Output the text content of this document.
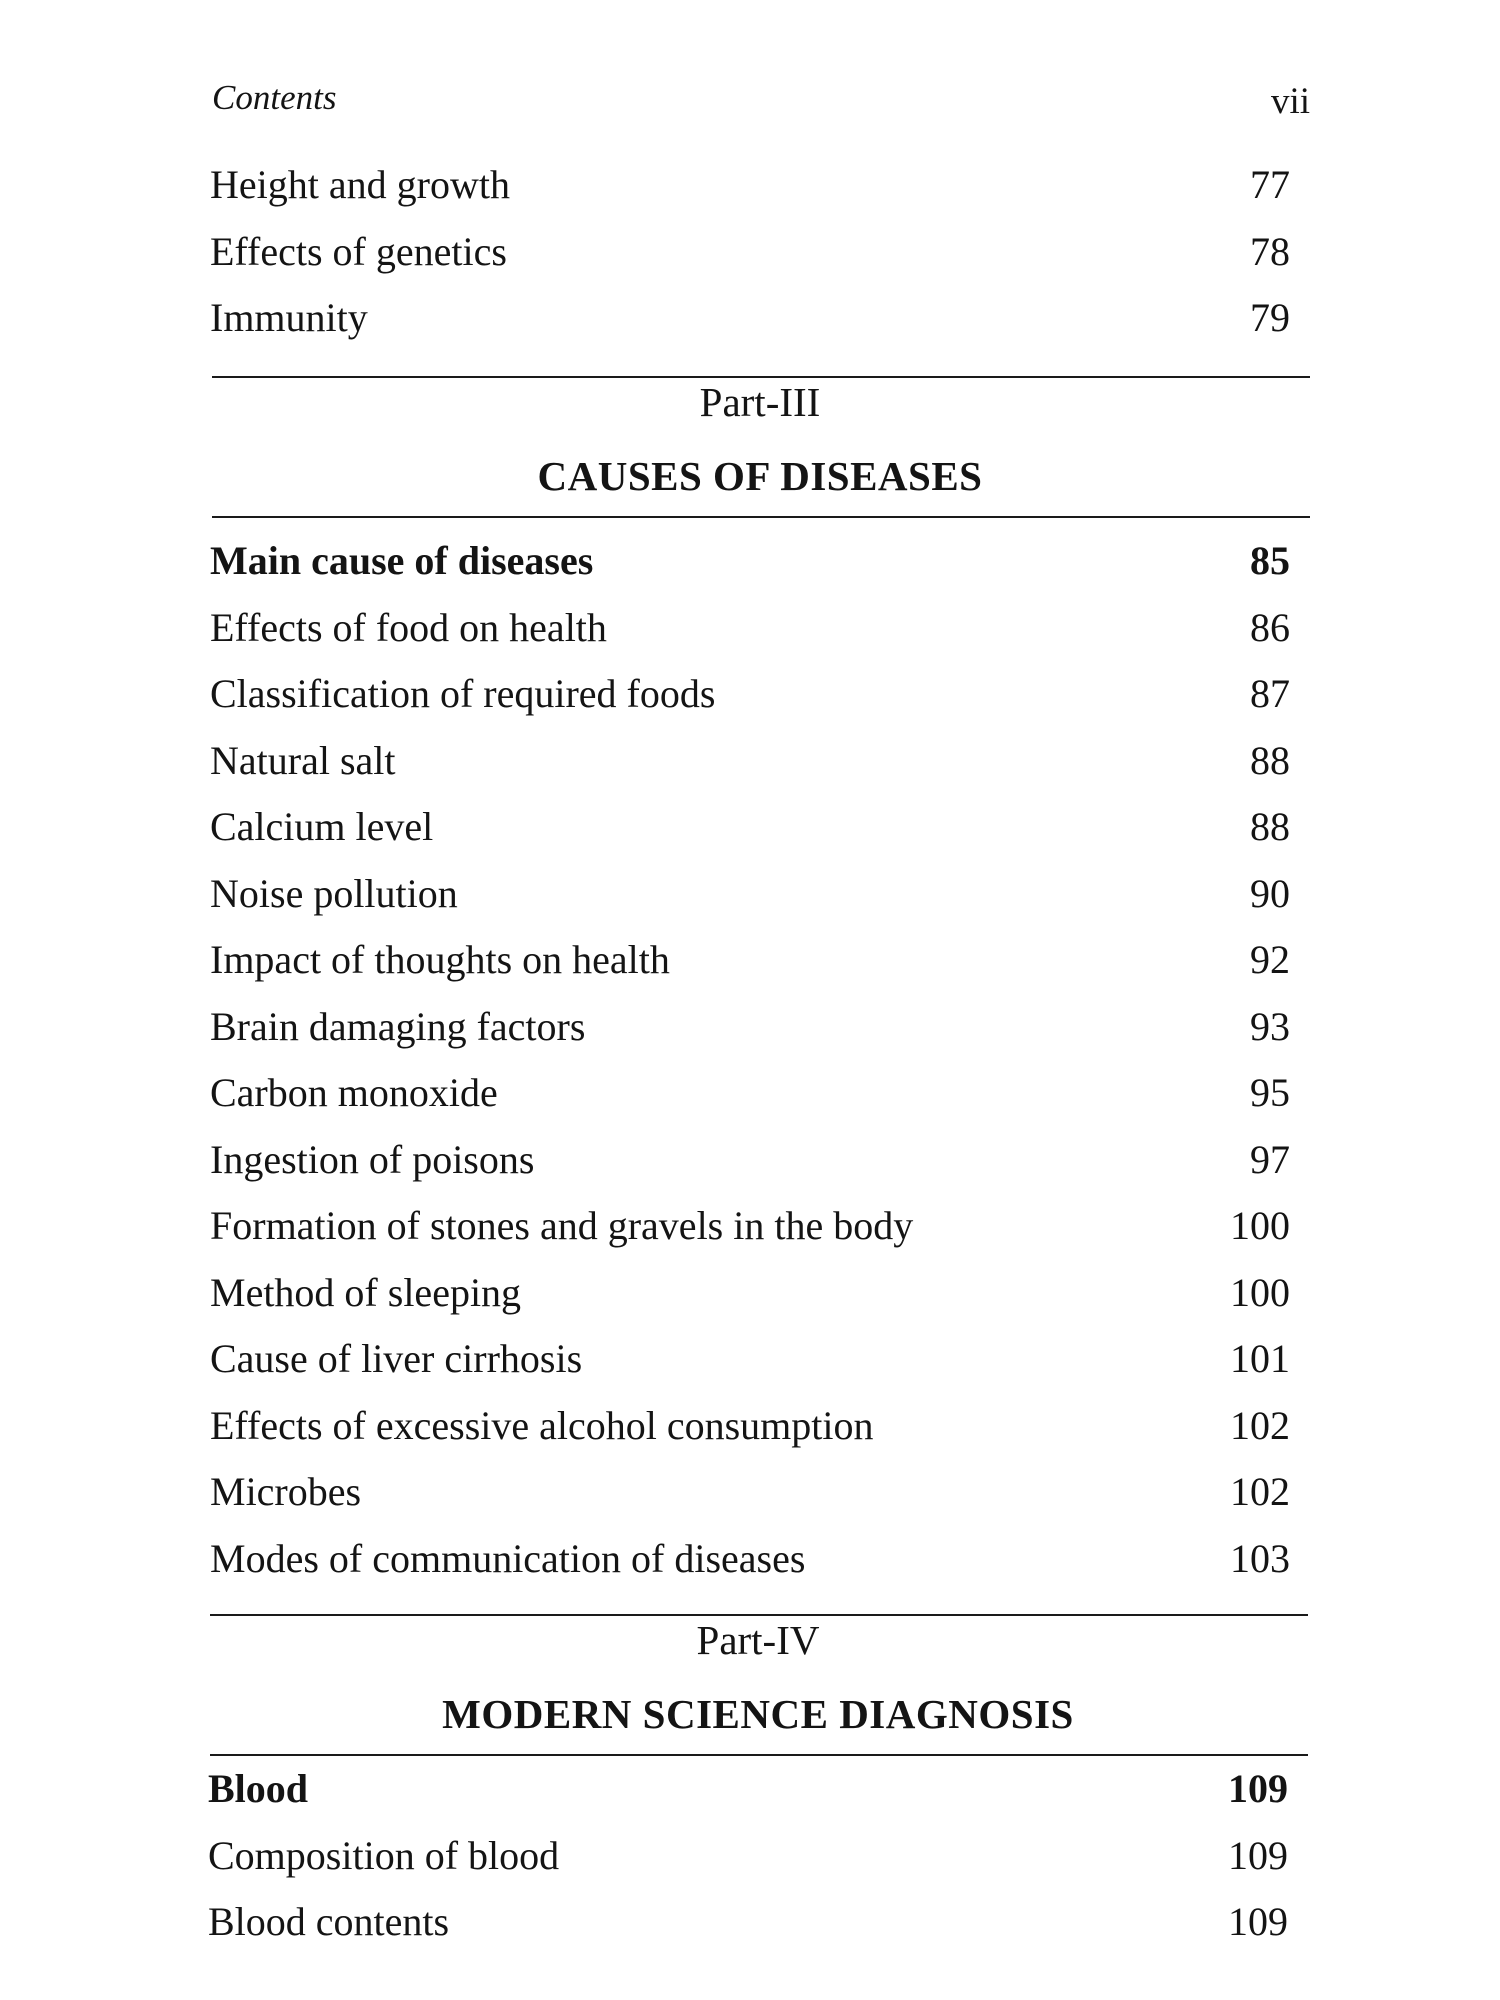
Contents	vii
Height and growth	77
Effects of genetics	78
Immunity	79
Part-III
CAUSES OF DISEASES
Main cause of diseases	85
Effects of food on health	86
Classification of required foods	87
Natural salt	88
Calcium level	88
Noise pollution	90
Impact of thoughts on health	92
Brain damaging factors	93
Carbon monoxide	95
Ingestion of poisons	97
Formation of stones and gravels in the body	100
Method of sleeping	100
Cause of liver cirrhosis	101
Effects of excessive alcohol consumption	102
Microbes	102
Modes of communication of diseases	103
Part-IV
MODERN SCIENCE DIAGNOSIS
Blood	109
Composition of blood	109
Blood contents	109
